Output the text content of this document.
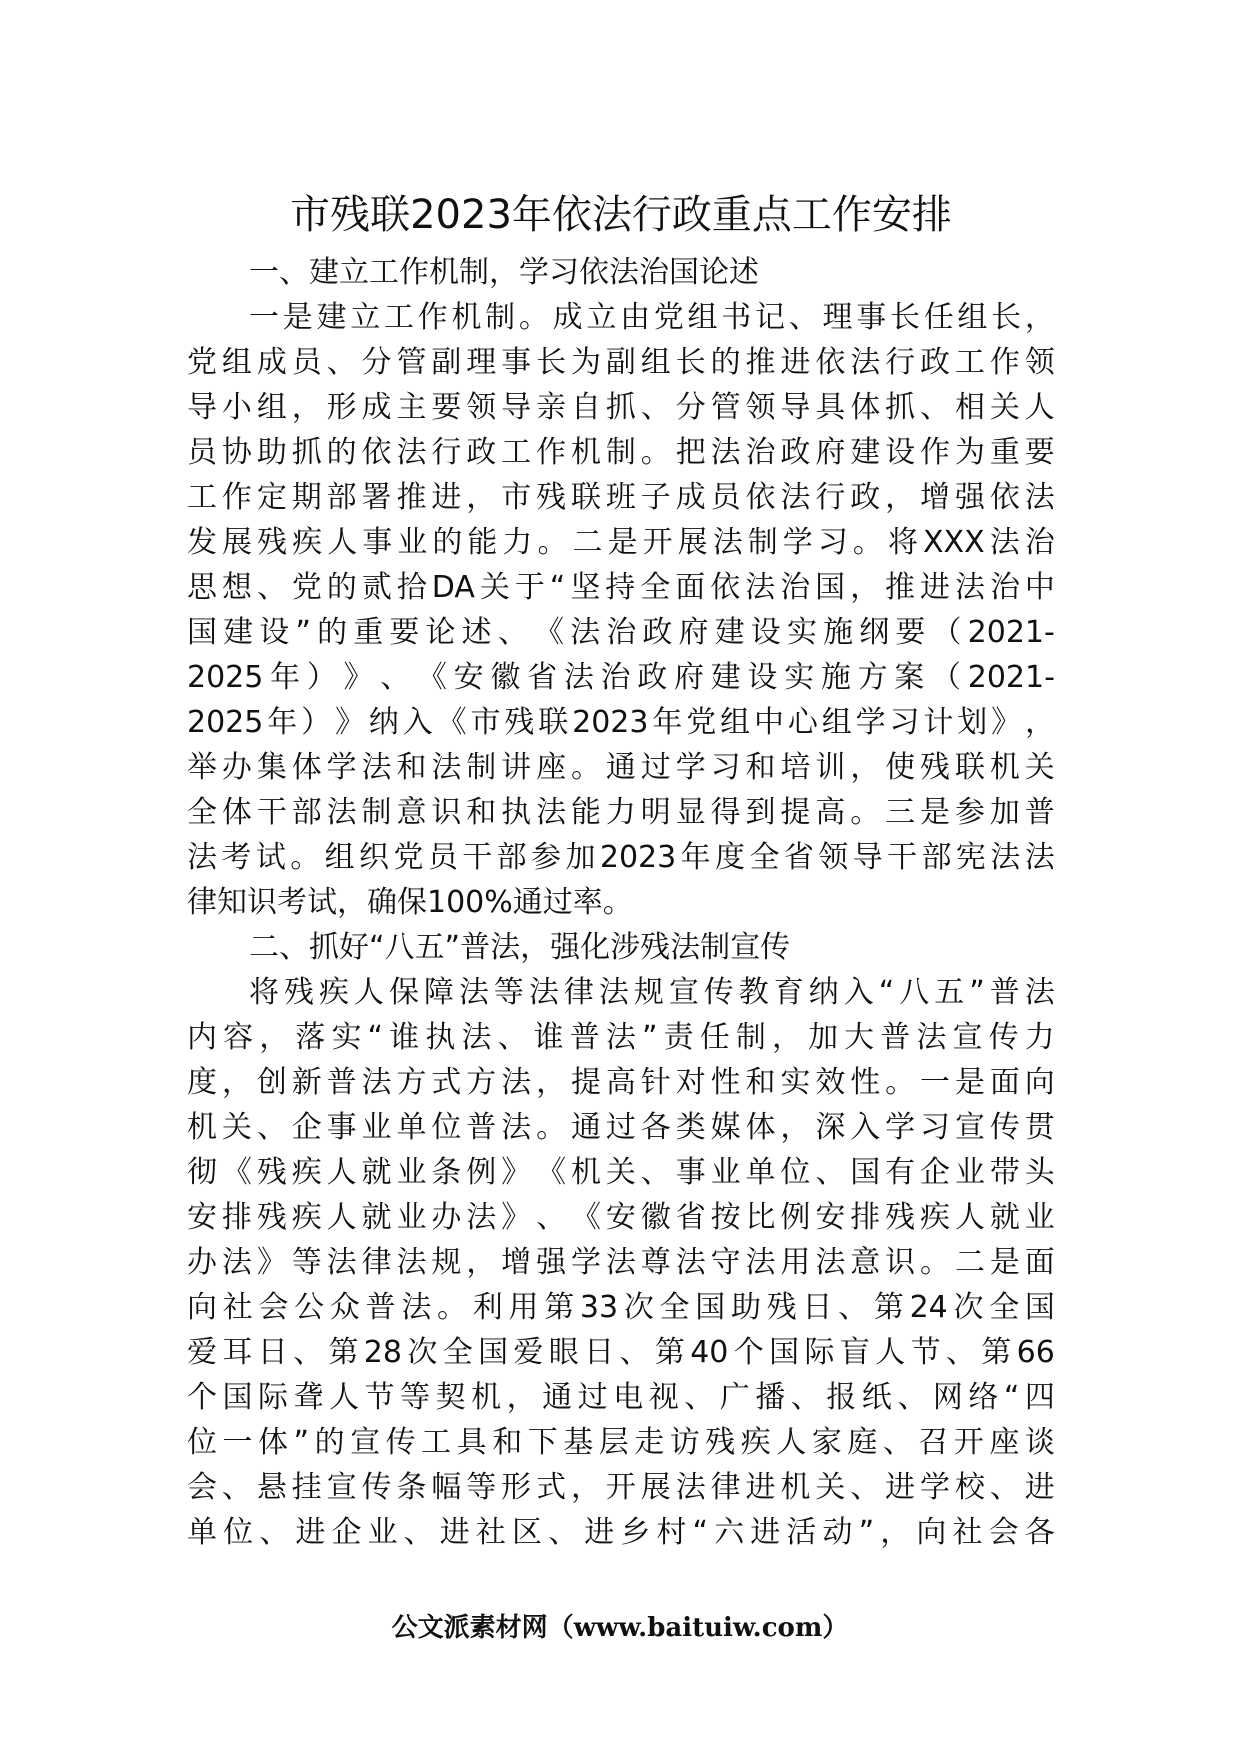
市残联2023年依法行政重点工作安排
一、建立工作机制，学习依法治国论述
一 是 建 立 工 作 机 制 。 成 立 由 党 组 书 记 、 理 事 长 任 组 长 ，
党 组 成 员 、 分 管 副 理 事 长 为 副 组 长 的 推 进 依 法 行 政 工 作 领
导 小 组 ， 形 成 主 要 领 导 亲 自 抓 、 分 管 领 导 具 体 抓 、 相 关 人
员 协 助 抓 的 依 法 行 政 工 作 机 制 。 把 法 治 政 府 建 设 作 为 重 要
工 作 定 期 部 署 推 进 ， 市 残 联 班 子 成 员 依 法 行 政 ， 增 强 依 法
发 展 残 疾 人 事 业 的 能 力 。 二 是 开 展 法 制 学 习 。 将 XXX 法 治
思 想 、 党 的 贰 拾 DA 关 于 “ 坚 持 全 面 依 法 治 国 ， 推 进 法 治 中
国 建 设 ” 的 重 要 论 述 、 《 法 治 政 府 建 设 实 施 纲 要 （ 2021-
2025 年 ） 》 、 《 安 徽 省 法 治 政 府 建 设 实 施 方 案 （ 2021-
2025 年 ） 》 纳 入 《 市 残 联 2023 年 党 组 中 心 组 学 习 计 划 》 ，
举 办 集 体 学 法 和 法 制 讲 座 。 通 过 学 习 和 培 训 ， 使 残 联 机 关
全 体 干 部 法 制 意 识 和 执 法 能 力 明 显 得 到 提 高 。 三 是 参 加 普
法 考 试 。 组 织 党 员 干 部 参 加 2023 年 度 全 省 领 导 干 部 宪 法 法
律知识考试，确保100%通过率。
二、抓好“八五”普法，强化涉残法制宣传
将 残 疾 人 保 障 法 等 法 律 法 规 宣 传 教 育 纳 入 “ 八 五 ” 普 法
内 容 ， 落 实 “ 谁 执 法 、 谁 普 法 ” 责 任 制 ， 加 大 普 法 宣 传 力
度 ， 创 新 普 法 方 式 方 法 ， 提 高 针 对 性 和 实 效 性 。 一 是 面 向
机 关 、 企 事 业 单 位 普 法 。 通 过 各 类 媒 体 ， 深 入 学 习 宣 传 贯
彻 《 残 疾 人 就 业 条 例 》 《 机 关 、 事 业 单 位 、 国 有 企 业 带 头
安 排 残 疾 人 就 业 办 法 》 、 《 安 徽 省 按 比 例 安 排 残 疾 人 就 业
办 法 》 等 法 律 法 规 ， 增 强 学 法 尊 法 守 法 用 法 意 识 。 二 是 面
向 社 会 公 众 普 法 。 利 用 第 33 次 全 国 助 残 日 、 第 24 次 全 国
爱 耳 日 、 第 28 次 全 国 爱 眼 日 、 第 40 个 国 际 盲 人 节 、 第 66
个 国 际 聋 人 节 等 契 机 ， 通 过 电 视 、 广 播 、 报 纸 、 网 络 “ 四
位 一 体 ” 的 宣 传 工 具 和 下 基 层 走 访 残 疾 人 家 庭 、 召 开 座 谈
会 、 悬 挂 宣 传 条 幅 等 形 式 ， 开 展 法 律 进 机 关 、 进 学 校 、 进
单 位 、 进 企 业 、 进 社 区 、 进 乡 村 “ 六 进 活 动 ” ， 向 社 会 各
公文派素材网（www.baituiw.com）
